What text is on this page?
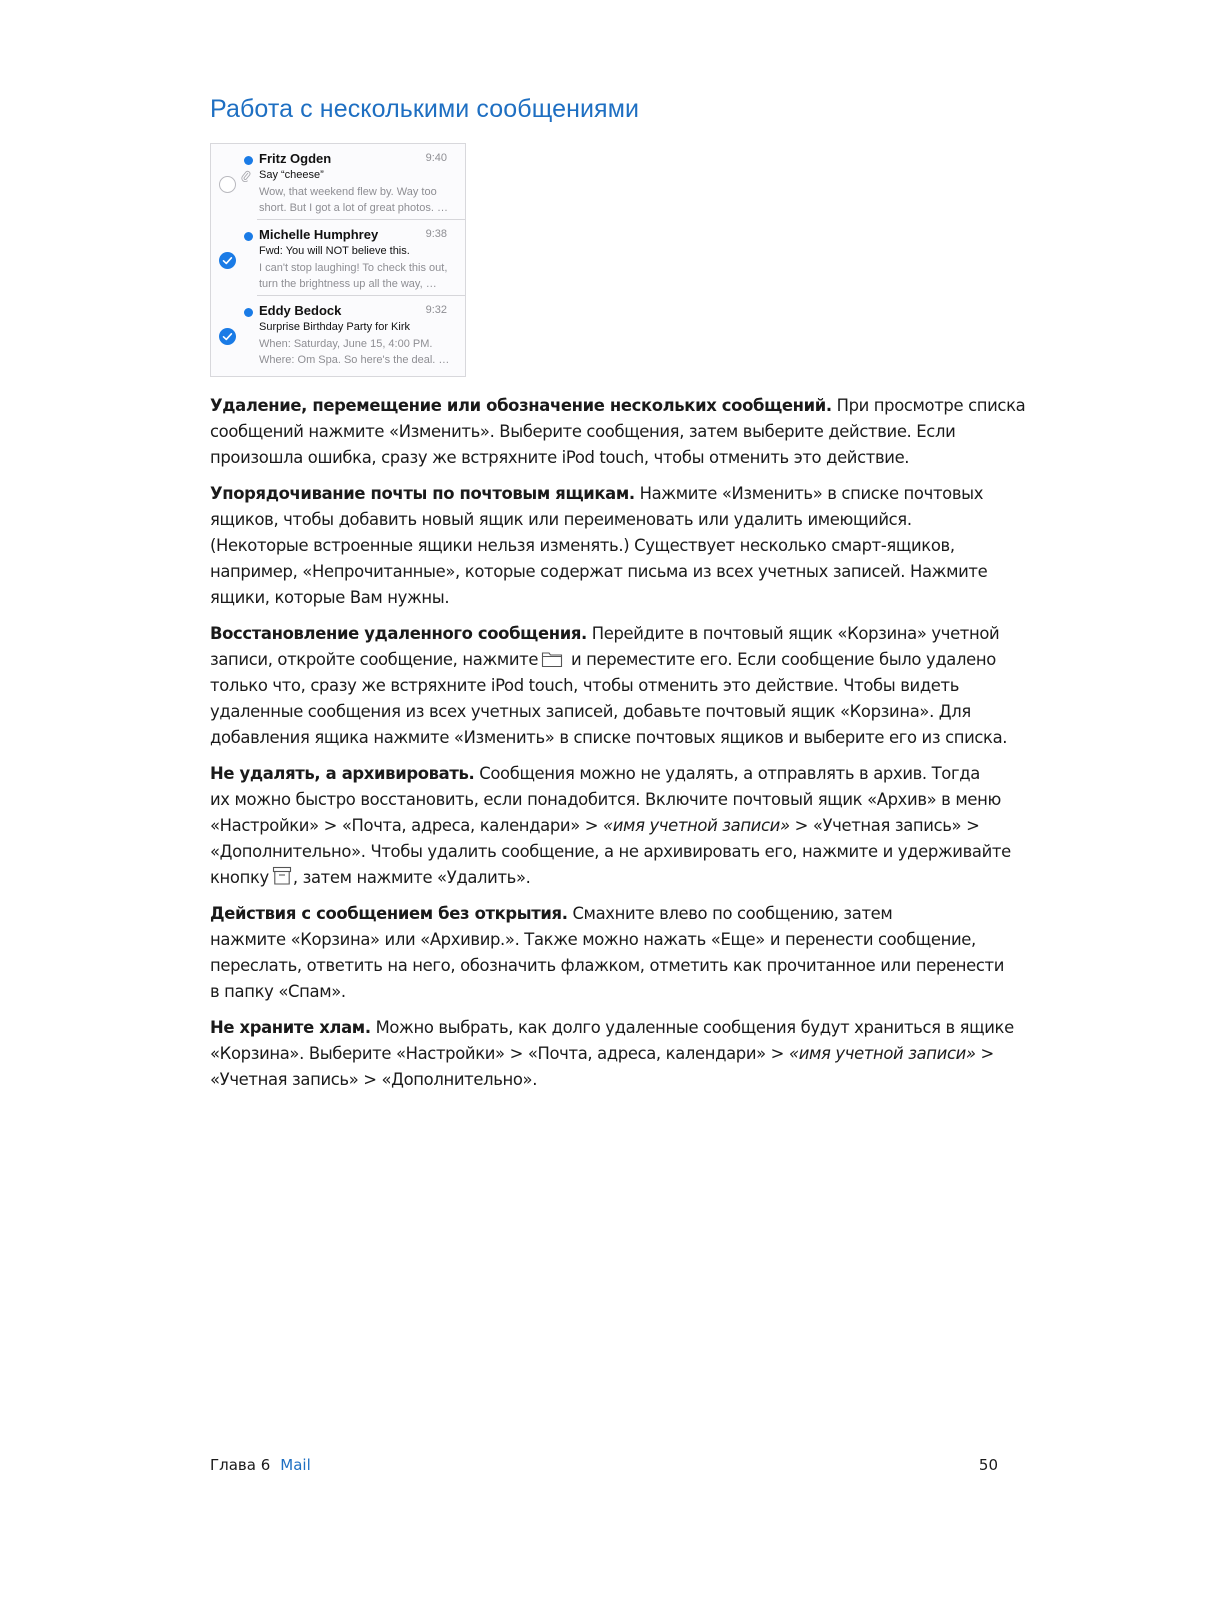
Работа с несколькими сообщениями
Fritz Ogden	9:40
Say “cheese”
Wow, that weekend flew by. Way too
short. But I got a lot of great photos. …
Michelle Humphrey	9:38
Fwd: You will NOT believe this.
I can't stop laughing! To check this out,
turn the brightness up all the way, …
Eddy Bedock	9:32
Surprise Birthday Party for Kirk
When: Saturday, June 15, 4:00 PM.
Where: Om Spa. So here's the deal. …

Удаление, перемещение или обозначение нескольких сообщений. При просмотре списка
сообщений нажмите «Изменить». Выберите сообщения, затем выберите действие. Если
произошла ошибка, сразу же встряхните iPod touch, чтобы отменить это действие.

Упорядочивание почты по почтовым ящикам. Нажмите «Изменить» в списке почтовых
ящиков, чтобы добавить новый ящик или переименовать или удалить имеющийся.
(Некоторые встроенные ящики нельзя изменять.) Существует несколько смарт-ящиков,
например, «Непрочитанные», которые содержат письма из всех учетных записей. Нажмите
ящики, которые Вам нужны.

Восстановление удаленного сообщения. Перейдите в почтовый ящик «Корзина» учетной
записи, откройте сообщение, нажмите и переместите его. Если сообщение было удалено
только что, сразу же встряхните iPod touch, чтобы отменить это действие. Чтобы видеть
удаленные сообщения из всех учетных записей, добавьте почтовый ящик «Корзина». Для
добавления ящика нажмите «Изменить» в списке почтовых ящиков и выберите его из списка.

Не удалять, а архивировать. Сообщения можно не удалять, а отправлять в архив. Тогда
их можно быстро восстановить, если понадобится. Включите почтовый ящик «Архив» в меню
«Настройки» > «Почта, адреса, календари» > «имя учетной записи» > «Учетная запись» >
«Дополнительно». Чтобы удалить сообщение, а не архивировать его, нажмите и удерживайте
кнопку , затем нажмите «Удалить».

Действия с сообщением без открытия. Смахните влево по сообщению, затем
нажмите «Корзина» или «Архивир.». Также можно нажать «Еще» и перенести сообщение,
переслать, ответить на него, обозначить флажком, отметить как прочитанное или перенести
в папку «Спам».

Не храните хлам. Можно выбрать, как долго удаленные сообщения будут храниться в ящике
«Корзина». Выберите «Настройки» > «Почта, адреса, календари» > «имя учетной записи» >
«Учетная запись» > «Дополнительно».

Глава 6 Mail	50
